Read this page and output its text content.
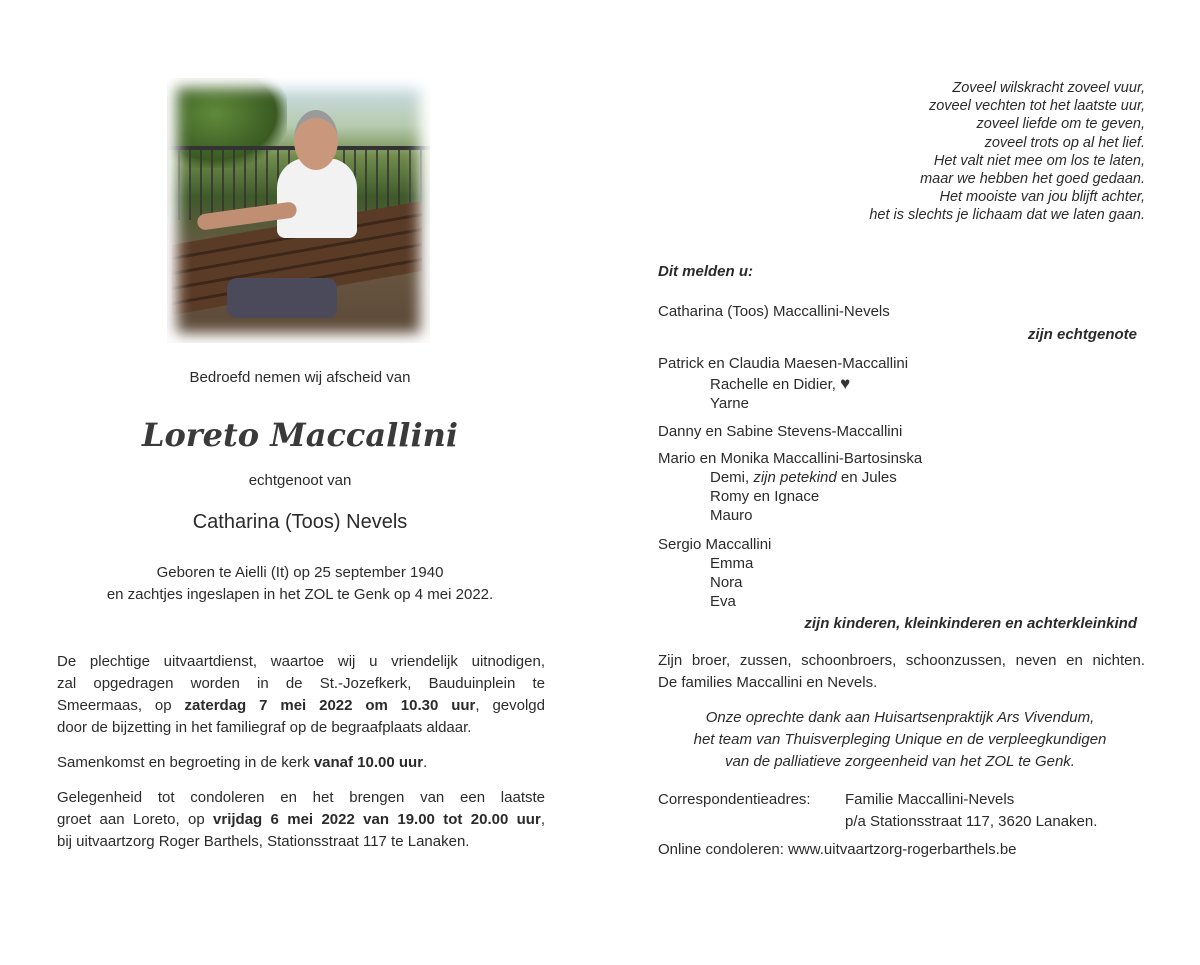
Bedroefd nemen wij afscheid van
Loreto Maccallini
echtgenoot van
Catharina (Toos) Nevels
Geboren te Aielli (It) op 25 september 1940
en zachtjes ingeslapen in het ZOL te Genk op 4 mei 2022.
De plechtige uitvaartdienst, waartoe wij u vriendelijk uitnodigen,
zal opgedragen worden in de St.-Jozefkerk, Bauduinplein te
Smeermaas, op zaterdag 7 mei 2022 om 10.30 uur, gevolgd
door de bijzetting in het familiegraf op de begraafplaats aldaar.
Samenkomst en begroeting in de kerk vanaf 10.00 uur.
Gelegenheid tot condoleren en het brengen van een laatste
groet aan Loreto, op vrijdag 6 mei 2022 van 19.00 tot 20.00 uur,
bij uitvaartzorg Roger Barthels, Stationsstraat 117 te Lanaken.
Zoveel wilskracht zoveel vuur,
zoveel vechten tot het laatste uur,
zoveel liefde om te geven,
zoveel trots op al het lief.
Het valt niet mee om los te laten,
maar we hebben het goed gedaan.
Het mooiste van jou blijft achter,
het is slechts je lichaam dat we laten gaan.
Dit melden u:
Catharina (Toos) Maccallini-Nevels
zijn echtgenote
Patrick en Claudia Maesen-Maccallini
Rachelle en Didier, ♥
Yarne
Danny en Sabine Stevens-Maccallini
Mario en Monika Maccallini-Bartosinska
Demi, zijn petekind en Jules
Romy en Ignace
Mauro
Sergio Maccallini
Emma
Nora
Eva
zijn kinderen, kleinkinderen en achterkleinkind
Zijn broer, zussen, schoonbroers, schoonzussen, neven en nichten.
De families Maccallini en Nevels.
Onze oprechte dank aan Huisartsenpraktijk Ars Vivendum,
het team van Thuisverpleging Unique en de verpleegkundigen
van de palliatieve zorgeenheid van het ZOL te Genk.
Correspondentieadres: Familie Maccallini-Nevels
p/a Stationsstraat 117, 3620 Lanaken.
Online condoleren: www.uitvaartzorg-rogerbarthels.be
